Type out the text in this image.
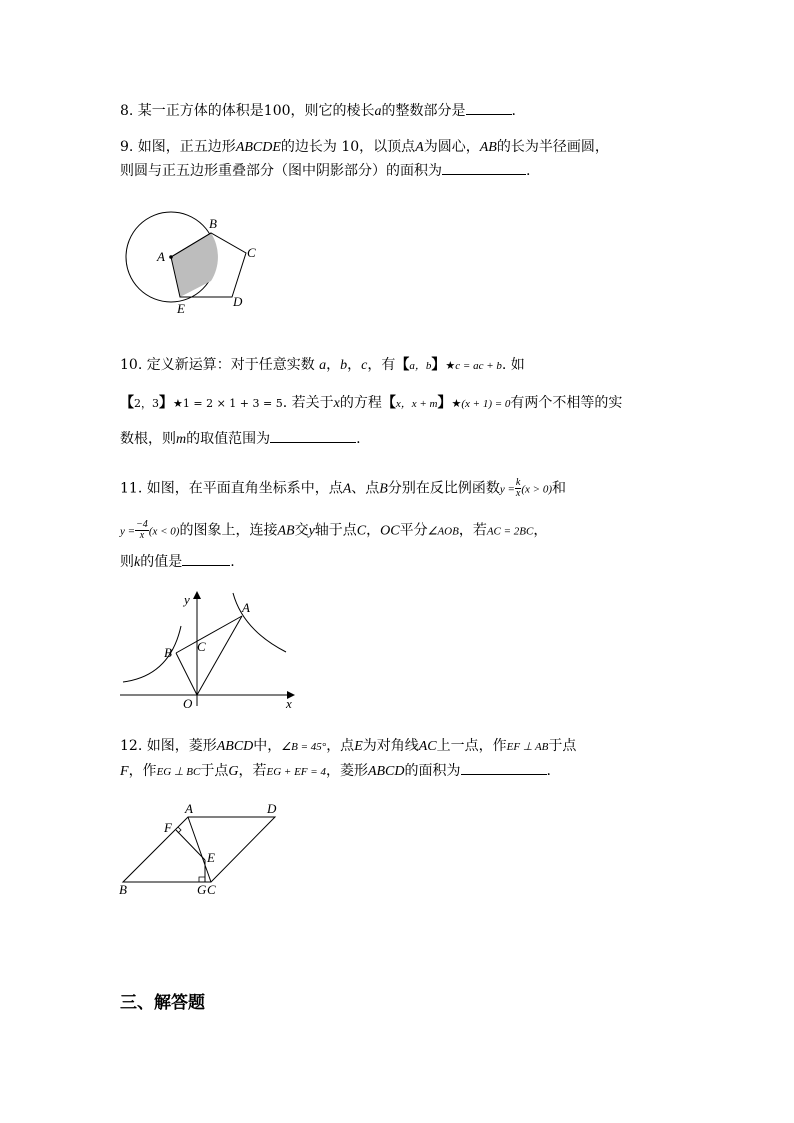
8. 某一正方体的体积是100，则它的棱长a的整数部分是	.
9. 如图，正五边形ABCDE的边长为 10，以顶点A为圆心，AB的长为半径画圆，
则圆与正五边形重叠部分（图中阴影部分）的面积为	.
A
B
C
D
E
10. 定义新运算：对于任意实数 a，b，c，有【a，b】★c = ac + b. 如
【2，3】★1 = 2 × 1 + 3 = 5. 若关于x的方程【x，x + m】★(x + 1) = 0有两个不相等的实
数根，则m的取值范围为	.
11. 如图，在平面直角坐标系中，点A、点B分别在反比例函数$y = \frac{k}{x} (x > 0)$和
$y = \frac{-4}{x} (x < 0)$的图象上，连接AB交y轴于点C，OC平分∠AOB，若AC = 2BC，
则k的值是	.
y
x
O
A
B C
12. 如图，菱形ABCD中，∠B = 45°，点E为对角线AC上一点，作EF ⊥ AB于点
F，作EG ⊥ BC于点G，若EG + EF = 4，菱形ABCD的面积为	.
A	D
F
E
B	G C
三、解答题
